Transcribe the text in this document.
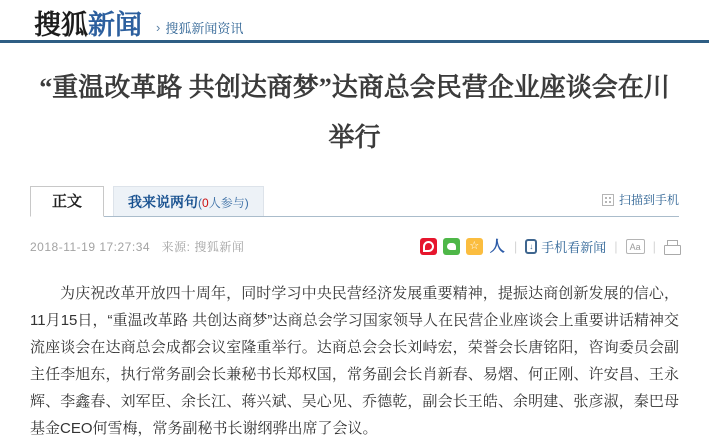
搜狐新闻 › 搜狐新闻资讯
“重温改革路 共创达商梦”达商总会民营企业座谈会在川举行
正文	我来说两句(0人参与)	扫描到手机
2018-11-19 17:27:34 来源: 搜狐新闻 ☆ 人	| ↓ 手机看新闻 |	Aa |

为庆祝改革开放四十周年，同时学习中央民营经济发展重要精神，提振达商创新发展的信心，11月15日，“重温改革路 共创达商梦”达商总会学习国家领导人在民营企业座谈会上重要讲话精神交流座谈会在达商总会成都会议室隆重举行。达商总会会长刘峙宏，荣誉会长唐铭阳，咨询委员会副主任李旭东，执行常务副会长兼秘书长郑权国，常务副会长肖新春、易熠、何正刚、许安昌、王永辉、李鑫春、刘军臣、余长江、蒋兴斌、吴心见、乔德乾，副会长王皓、余明建、张彦淑，秦巴母基金CEO何雪梅，常务副秘书长谢纲骅出席了会议。
